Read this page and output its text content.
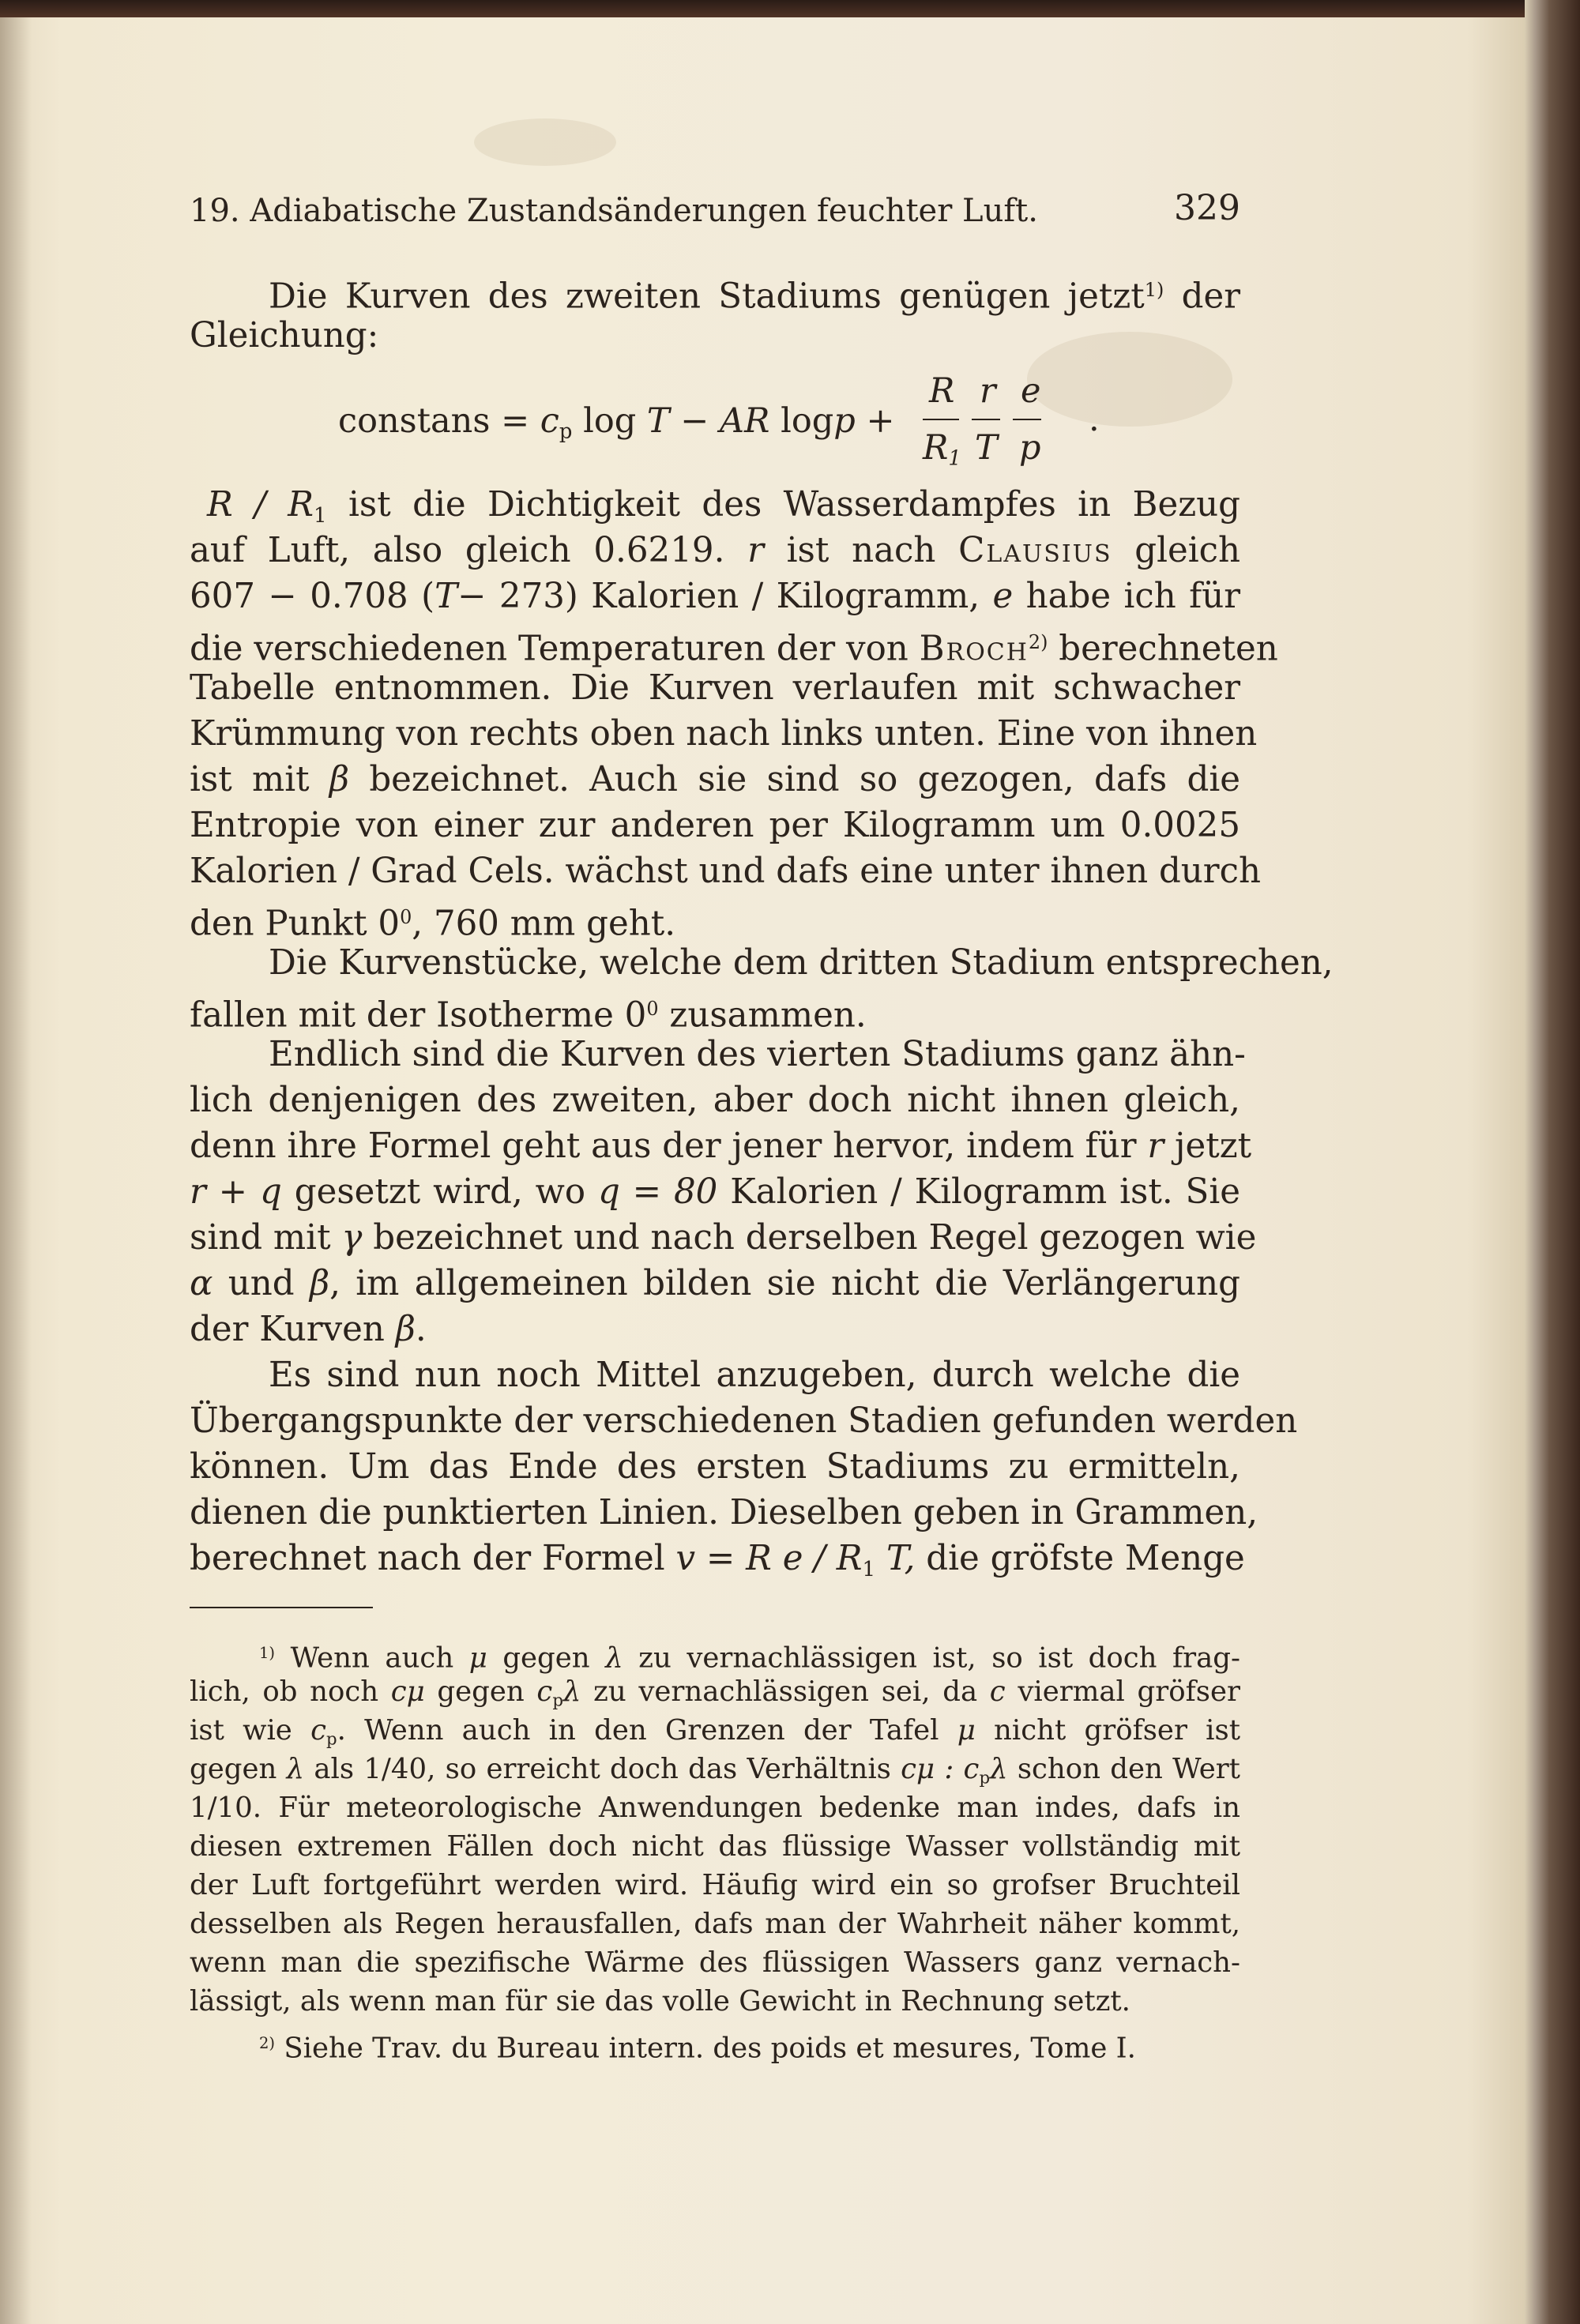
19. Adiabatische Zustandsänderungen feuchter Luft.	329
Die Kurven des zweiten Stadiums genügen jetzt$^{1)}$ der
Gleichung:
constans = $c_p$ log T − AR logp +
R
$R_1$
r
T
e
p
.
R / $R_1$ ist die Dichtigkeit des Wasserdampfes in Bezug
auf Luft, also gleich 0.6219. r ist nach Clausius gleich
607 − 0.708 (T− 273) Kalorien / Kilogramm, e habe ich für
die verschiedenen Temperaturen der von Broch$^{2)}$ berechneten
Tabelle entnommen. Die Kurven verlaufen mit schwacher
Krümmung von rechts oben nach links unten. Eine von ihnen
ist mit β bezeichnet. Auch sie sind so gezogen, dafs die
Entropie von einer zur anderen per Kilogramm um 0.0025
Kalorien / Grad Cels. wächst und dafs eine unter ihnen durch
den Punkt $0^0$, 760 mm geht.
Die Kurvenstücke, welche dem dritten Stadium entsprechen,
fallen mit der Isotherme $0^0$ zusammen.
Endlich sind die Kurven des vierten Stadiums ganz ähn-
lich denjenigen des zweiten, aber doch nicht ihnen gleich,
denn ihre Formel geht aus der jener hervor, indem für r jetzt
r + q gesetzt wird, wo q = 80 Kalorien / Kilogramm ist. Sie
sind mit γ bezeichnet und nach derselben Regel gezogen wie
α und β, im allgemeinen bilden sie nicht die Verlängerung
der Kurven β.
Es sind nun noch Mittel anzugeben, durch welche die
Übergangspunkte der verschiedenen Stadien gefunden werden
können. Um das Ende des ersten Stadiums zu ermitteln,
dienen die punktierten Linien. Dieselben geben in Grammen,
berechnet nach der Formel v = R e / $R_1$ T, die gröfste Menge
$^{1)}$ Wenn auch μ gegen λ zu vernachlässigen ist, so ist doch frag-
lich, ob noch cμ gegen $c_p\lambda$ zu vernachlässigen sei, da c viermal gröfser
ist wie $c_p$. Wenn auch in den Grenzen der Tafel μ nicht gröfser ist
gegen λ als 1/40, so erreicht doch das Verhältnis cμ : $c_p\lambda$ schon den Wert
1/10. Für meteorologische Anwendungen bedenke man indes, dafs in
diesen extremen Fällen doch nicht das flüssige Wasser vollständig mit
der Luft fortgeführt werden wird. Häufig wird ein so grofser Bruchteil
desselben als Regen herausfallen, dafs man der Wahrheit näher kommt,
wenn man die spezifische Wärme des flüssigen Wassers ganz vernach-
lässigt, als wenn man für sie das volle Gewicht in Rechnung setzt.
$^{2)}$ Siehe Trav. du Bureau intern. des poids et mesures, Tome I.
